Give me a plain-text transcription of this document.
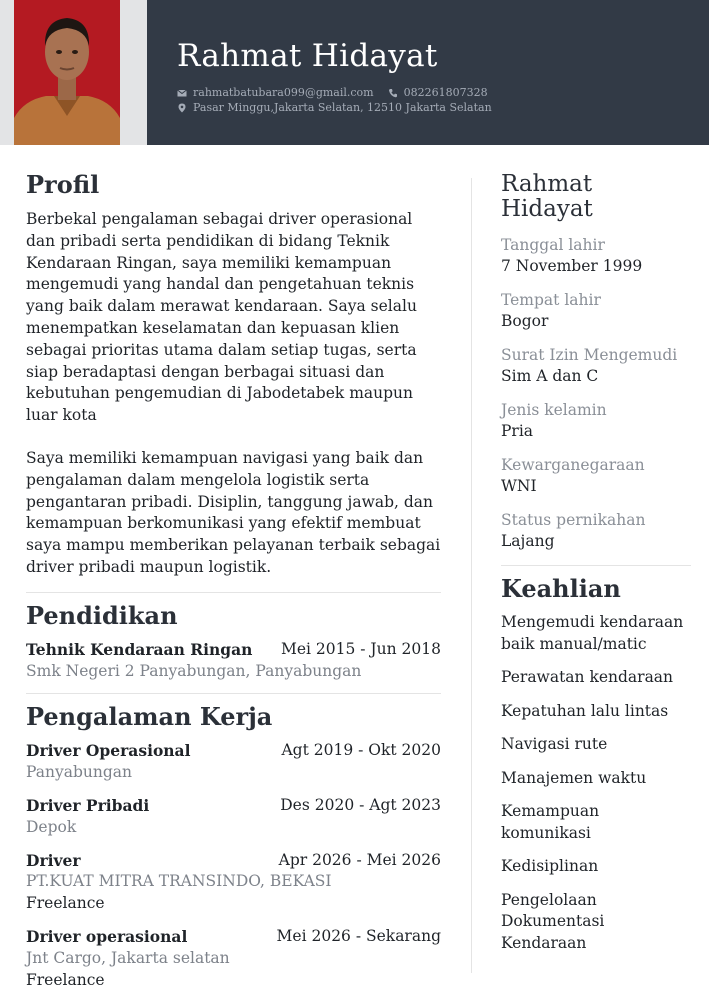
Rahmat Hidayat
rahmatbatubara099@gmail.com	082261807328
Pasar Minggu,Jakarta Selatan, 12510 Jakarta Selatan
Profil

Berbekal pengalaman sebagai driver operasional dan pribadi serta pendidikan di bidang Teknik Kendaraan Ringan, saya memiliki kemampuan mengemudi yang handal dan pengetahuan teknis yang baik dalam merawat kendaraan. Saya selalu menempatkan keselamatan dan kepuasan klien sebagai prioritas utama dalam setiap tugas, serta siap beradaptasi dengan berbagai situasi dan kebutuhan pengemudian di Jabodetabek maupun luar kota

Saya memiliki kemampuan navigasi yang baik dan pengalaman dalam mengelola logistik serta pengantaran pribadi. Disiplin, tanggung jawab, dan kemampuan berkomunikasi yang efektif membuat saya mampu memberikan pelayanan terbaik sebagai driver pribadi maupun logistik.

Pendidikan
Tehnik Kendaraan Ringan Mei 2015 - Jun 2018
Smk Negeri 2 Panyabungan, Panyabungan
Pengalaman Kerja
Driver Operasional	Agt 2019 - Okt 2020
Panyabungan
Driver Pribadi	Des 2020 - Agt 2023
Depok
Driver	Apr 2026 - Mei 2026
PT.KUAT MITRA TRANSINDO, BEKASI
Freelance
Driver operasional	Mei 2026 - Sekarang
Jnt Cargo, Jakarta selatan
Freelance
Rahmat
Hidayat
Tanggal lahir
7 November 1999
Tempat lahir
Bogor
Surat Izin Mengemudi
Sim A dan C
Jenis kelamin
Pria
Kewarganegaraan
WNI
Status pernikahan
Lajang
Keahlian
Mengemudi kendaraan baik manual/matic
Perawatan kendaraan
Kepatuhan lalu lintas
Navigasi rute
Manajemen waktu
Kemampuan komunikasi
Kedisiplinan
Pengelolaan Dokumentasi Kendaraan
